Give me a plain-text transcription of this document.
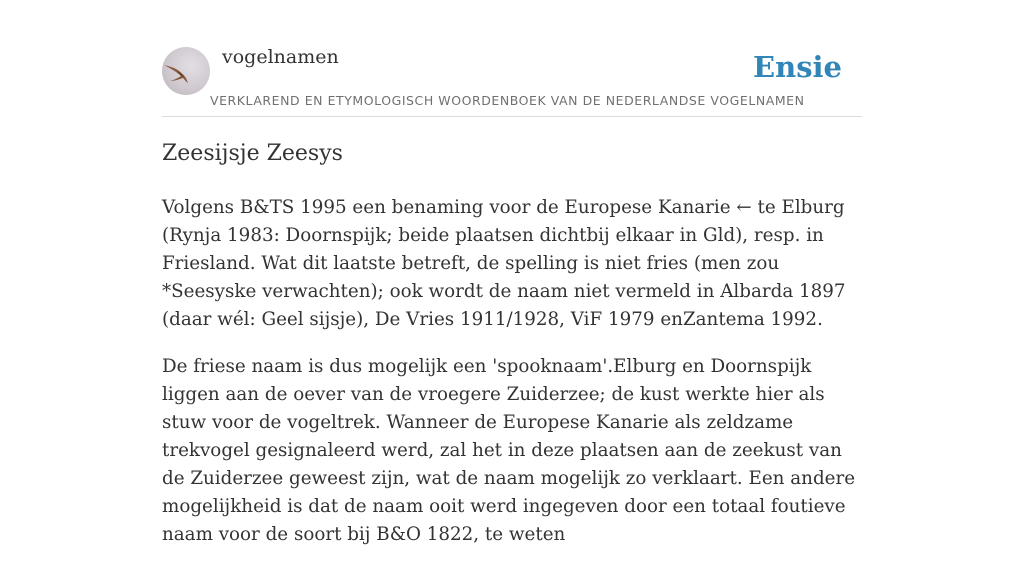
vogelnamen
VERKLAREND EN ETYMOLOGISCH WOORDENBOEK VAN DE NEDERLANDSE VOGELNAMEN
Ensie
Zeesijsje Zeesys

Volgens B&TS 1995 een benaming voor de Europese Kanarie ← te Elburg (Rynja 1983: Doornspijk; beide plaatsen dichtbij elkaar in Gld), resp. in Friesland. Wat dit laatste betreft, de spelling is niet fries (men zou *Seesyske verwachten); ook wordt de naam niet vermeld in Albarda 1897 (daar wél: Geel sijsje), De Vries 1911/1928, ViF 1979 enZantema 1992.

De friese naam is dus mogelijk een 'spooknaam'.Elburg en Doornspijk liggen aan de oever van de vroegere Zuiderzee; de kust werkte hier als stuw voor de vogeltrek. Wanneer de Europese Kanarie als zeldzame trekvogel gesignaleerd werd, zal het in deze plaatsen aan de zeekust van de Zuiderzee geweest zijn, wat de naam mogelijk zo verklaart. Een andere mogelijkheid is dat de naam ooit werd ingegeven door een totaal foutieve naam voor de soort bij B&O 1822, te weten
